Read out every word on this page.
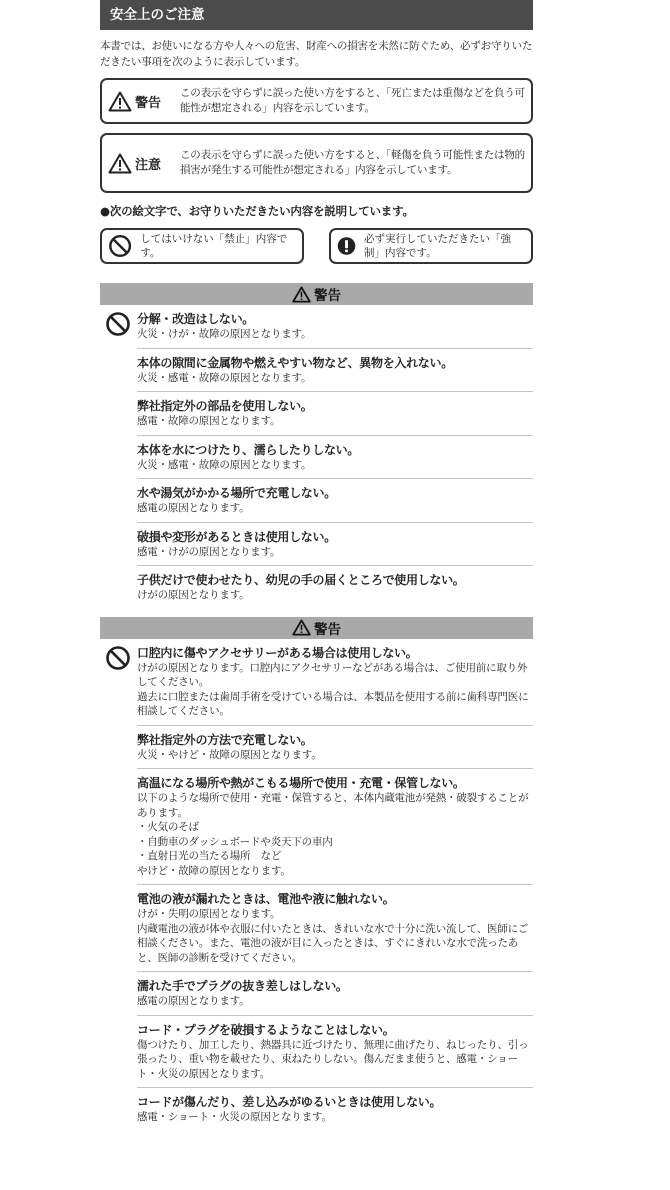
安全上のご注意
本書では、お使いになる方や人々への危害、財産への損害を未然に防ぐため、必ずお守りいただきたい事項を次のように表示しています。
警告
この表示を守らずに誤った使い方をすると、「死亡または重傷などを負う可能性が想定される」内容を示しています。
注意
この表示を守らずに誤った使い方をすると、「軽傷を負う可能性または物的損害が発生する可能性が想定される」内容を示しています。
●次の絵文字で、お守りいただきたい内容を説明しています。
してはいけない「禁止」内容です。
必ず実行していただきたい「強制」内容です。
警告
分解・改造はしない。
火災・けが・故障の原因となります。
本体の隙間に金属物や燃えやすい物など、異物を入れない。
火災・感電・故障の原因となります。
弊社指定外の部品を使用しない。
感電・故障の原因となります。
本体を水につけたり、濡らしたりしない。
火災・感電・故障の原因となります。
水や湯気がかかる場所で充電しない。
感電の原因となります。
破損や変形があるときは使用しない。
感電・けがの原因となります。
子供だけで使わせたり、幼児の手の届くところで使用しない。
けがの原因となります。
警告
口腔内に傷やアクセサリーがある場合は使用しない。
けがの原因となります。口腔内にアクセサリーなどがある場合は、ご使用前に取り外してください。
過去に口腔または歯周手術を受けている場合は、本製品を使用する前に歯科専門医に相談してください。
弊社指定外の方法で充電しない。
火災・やけど・故障の原因となります。
高温になる場所や熱がこもる場所で使用・充電・保管しない。
以下のような場所で使用・充電・保管すると、本体内蔵電池が発熱・破裂することがあります。
・火気のそば
・自動車のダッシュボードや炎天下の車内
・直射日光の当たる場所　など
やけど・故障の原因となります。
電池の液が漏れたときは、電池や液に触れない。
けが・失明の原因となります。
内蔵電池の液が体や衣服に付いたときは、きれいな水で十分に洗い流して、医師にご相談ください。また、電池の液が目に入ったときは、すぐにきれいな水で洗ったあと、医師の診断を受けてください。
濡れた手でプラグの抜き差しはしない。
感電の原因となります。
コード・プラグを破損するようなことはしない。
傷つけたり、加工したり、熱器具に近づけたり、無理に曲げたり、ねじったり、引っ張ったり、重い物を載せたり、束ねたりしない。傷んだまま使うと、感電・ショート・火災の原因となります。
コードが傷んだり、差し込みがゆるいときは使用しない。
感電・ショート・火災の原因となります。
